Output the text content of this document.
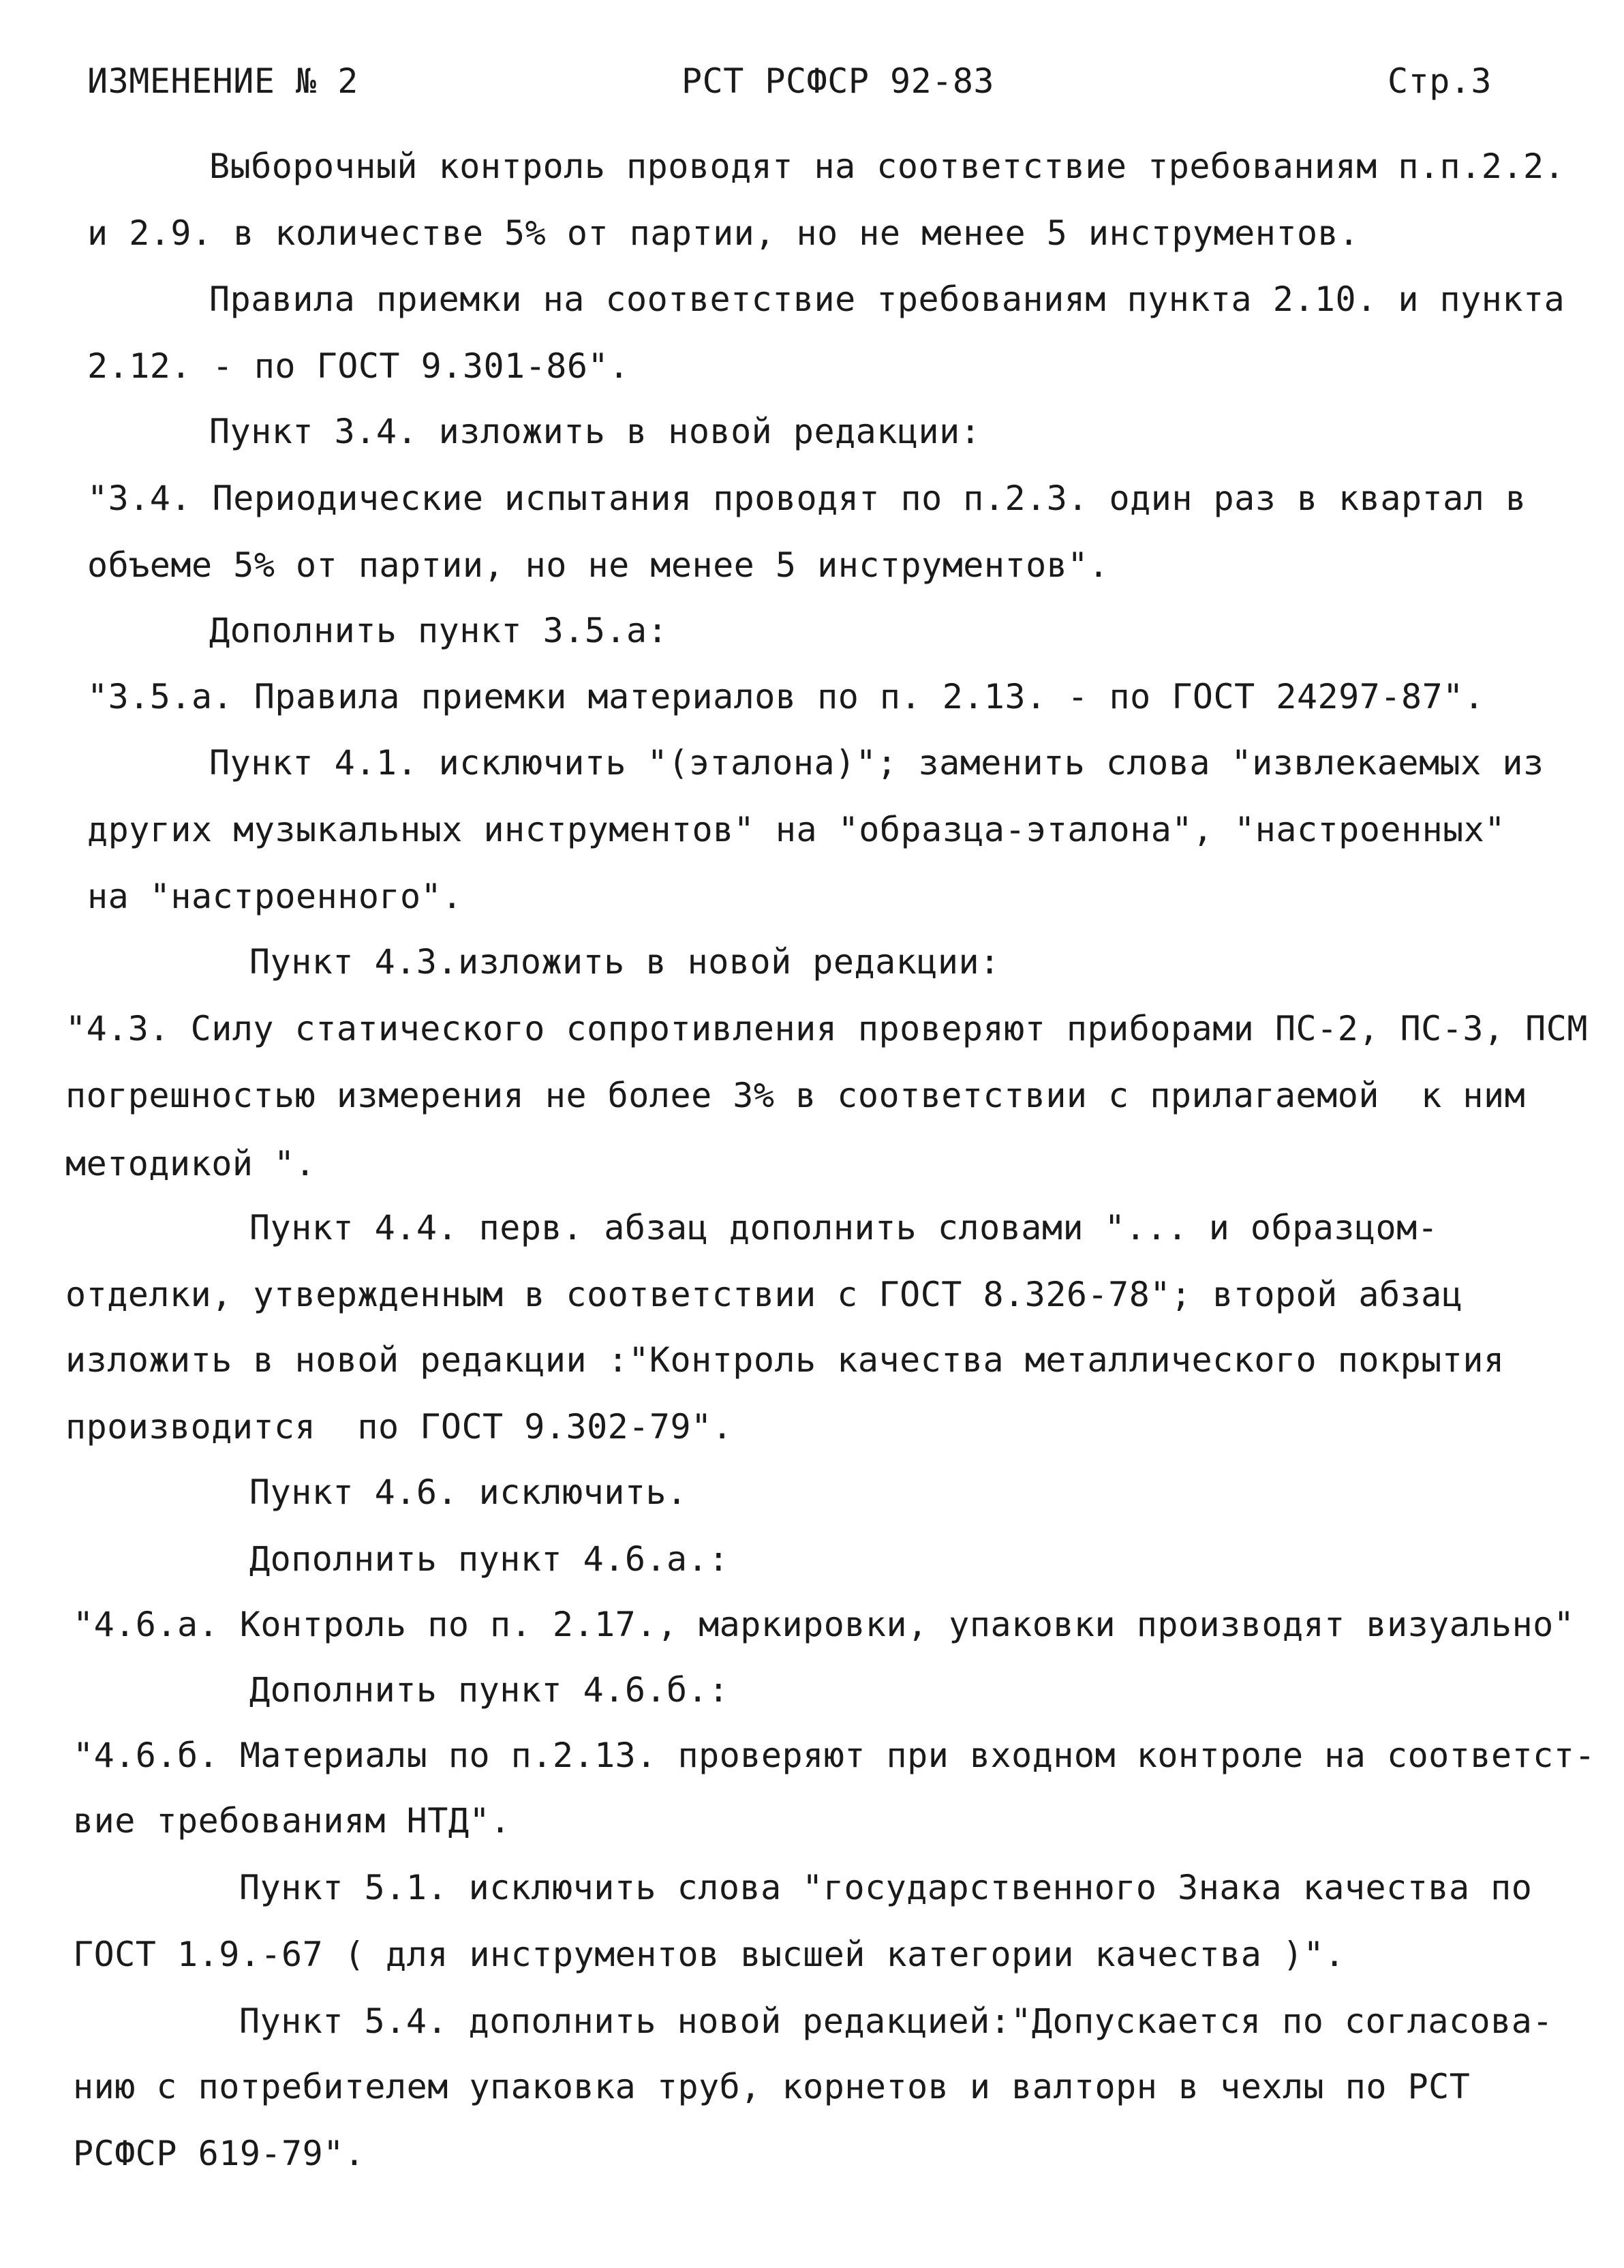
ИЗМЕНЕНИЕ № 2	РСТ РСФСР 92-83	Стр.3
Выборочный контроль проводят на соответствие требованиям п.п.2.2.
и 2.9. в количестве 5% от партии, но не менее 5 инструментов.
Правила приемки на соответствие требованиям пункта 2.10. и пункта
2.12. - по ГОСТ 9.301-86".
Пункт 3.4. изложить в новой редакции:
"3.4. Периодические испытания проводят по п.2.3. один раз в квартал в
объеме 5% от партии, но не менее 5 инструментов".
Дополнить пункт 3.5.а:
"3.5.а. Правила приемки материалов по п. 2.13. - по ГОСТ 24297-87".
Пункт 4.1. исключить "(эталона)"; заменить слова "извлекаемых из
других музыкальных инструментов" на "образца-эталона", "настроенных"
на "настроенного".
Пункт 4.3.изложить в новой редакции:
"4.3. Силу статического сопротивления проверяют приборами ПС-2, ПС-3, ПСМ
погрешностью измерения не более 3% в соответствии с прилагаемой  к ним
методикой ".
Пункт 4.4. перв. абзац дополнить словами "... и образцом-
отделки, утвержденным в соответствии с ГОСТ 8.326-78"; второй абзац
изложить в новой редакции :"Контроль качества металлического покрытия
производится  по ГОСТ 9.302-79".
Пункт 4.6. исключить.
Дополнить пункт 4.6.а.:
"4.6.а. Контроль по п. 2.17., маркировки, упаковки производят визуально"
Дополнить пункт 4.6.б.:
"4.6.б. Материалы по п.2.13. проверяют при входном контроле на соответст-
вие требованиям НТД".
Пункт 5.1. исключить слова "государственного Знака качества по
ГОСТ 1.9.-67 ( для инструментов высшей категории качества )".
Пункт 5.4. дополнить новой редакцией:"Допускается по согласова-
нию с потребителем упаковка труб, корнетов и валторн в чехлы по РСТ
РСФСР 619-79".
